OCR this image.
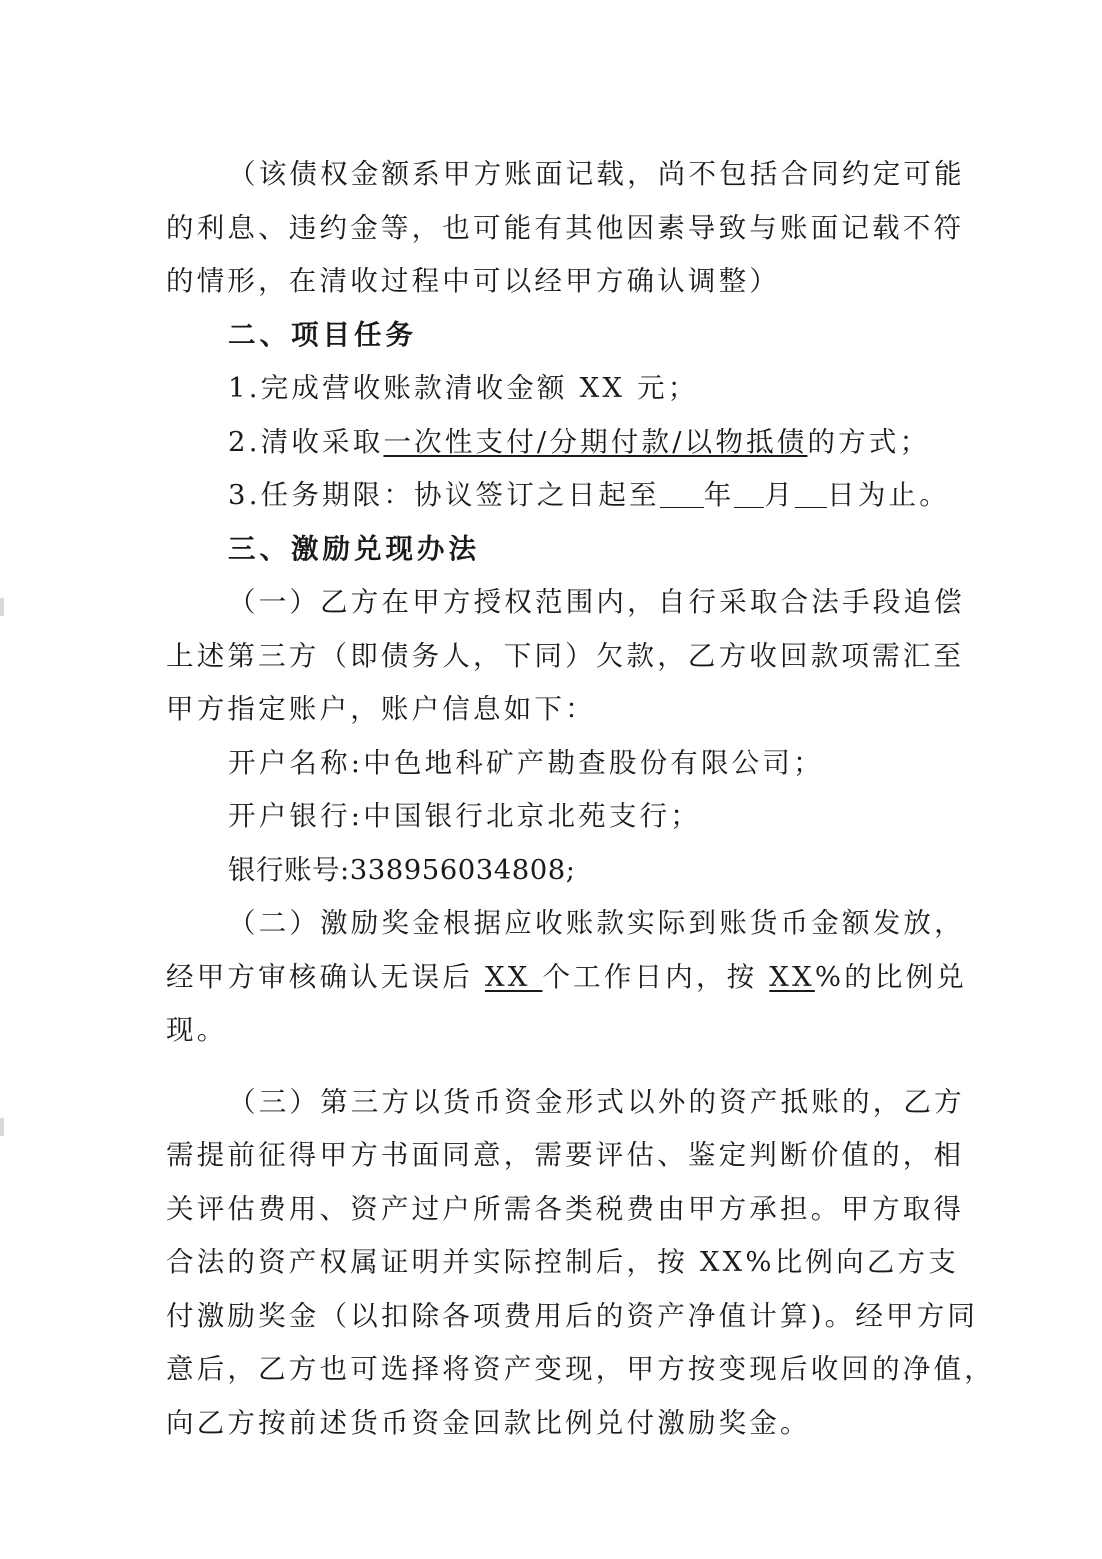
（该债权金额系甲方账面记载，尚不包括合同约定可能
的利息、违约金等，也可能有其他因素导致与账面记载不符
的情形，在清收过程中可以经甲方确认调整）
二、项目任务
1.完成营收账款清收金额 XX 元；
2.清收采取一次性支付/分期付款/以物抵债的方式；
3.任务期限：协议签订之日起至 年 月 日为止。
三、激励兑现办法
（一）乙方在甲方授权范围内，自行采取合法手段追偿
上述第三方（即债务人，下同）欠款，乙方收回款项需汇至
甲方指定账户，账户信息如下：
开户名称:中色地科矿产勘查股份有限公司；
开户银行:中国银行北京北苑支行；
银行账号:338956034808;
（二）激励奖金根据应收账款实际到账货币金额发放，
经甲方审核确认无误后 XX 个工作日内，按 XX%的比例兑
现。
（三）第三方以货币资金形式以外的资产抵账的，乙方
需提前征得甲方书面同意，需要评估、鉴定判断价值的，相
关评估费用、资产过户所需各类税费由甲方承担。甲方取得
合法的资产权属证明并实际控制后，按 XX%比例向乙方支
付激励奖金（以扣除各项费用后的资产净值计算)。经甲方同
意后，乙方也可选择将资产变现，甲方按变现后收回的净值，
向乙方按前述货币资金回款比例兑付激励奖金。
